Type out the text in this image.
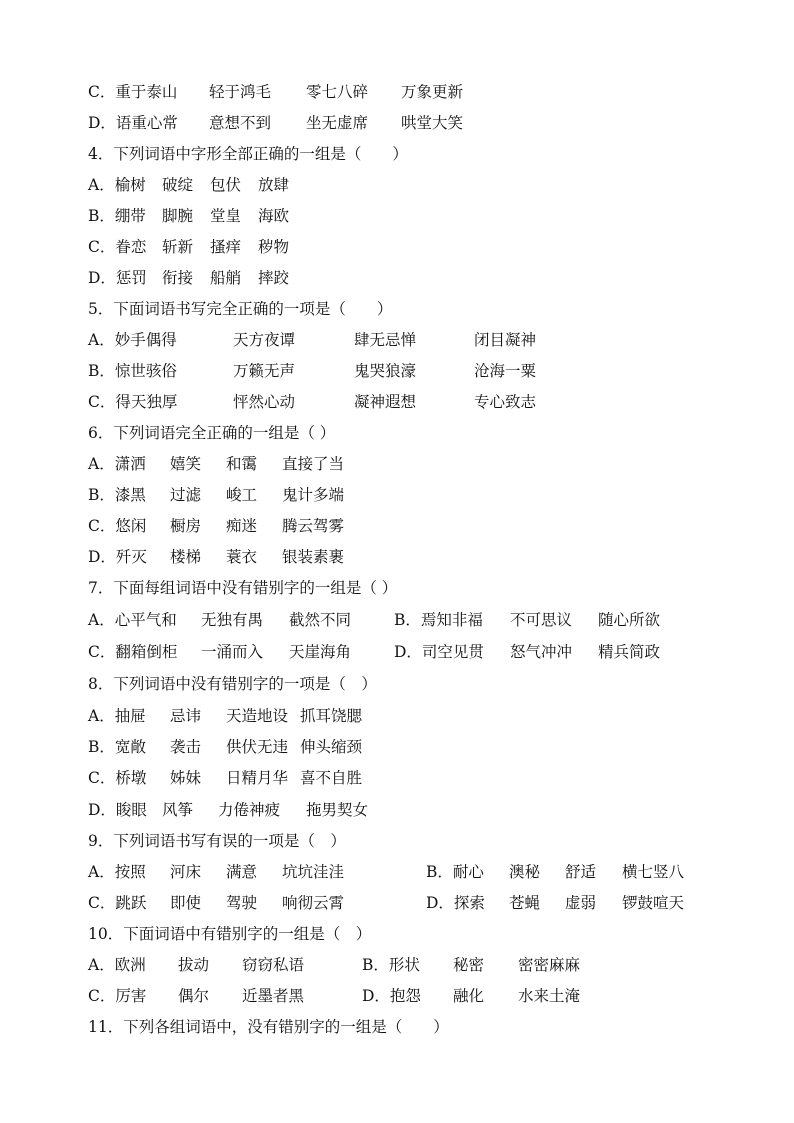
C．重于泰山 轻于鸿毛 零七八碎 万象更新
D．语重心常 意想不到 坐无虚席 哄堂大笑
4．下列词语中字形全部正确的一组是（　　）
A．榆树 破绽 包伏 放肆
B．绷带 脚腕 堂皇 海欧
C．眷恋 斩新 搔痒 秽物
D．惩罚 衔接 船艄 摔跤
5．下面词语书写完全正确的一项是（　　）
A．妙手偶得	天方夜谭	肆无忌惮	闭目凝神
B．惊世骇俗	万籁无声	鬼哭狼濠	沧海一粟
C．得天独厚	怦然心动	凝神遐想	专心致志
6．下列词语完全正确的一组是（ ）
A．潇洒 嬉笑 和霭 直接了当
B．漆黑 过滤 峻工 鬼计多端
C．悠闲 橱房 痴迷 腾云驾雾
D．歼灭 楼梯 蓑衣 银装素裹
7．下面每组词语中没有错别字的一组是（ ）
A．心平气和 无独有禺 截然不同	B．焉知非福 不可思议 随心所欲
C．翻箱倒柜 一涌而入 天崖海角	D．司空见贯 怒气冲冲 精兵简政
8．下列词语中没有错别字的一项是（　）
A．抽屉 忌讳 天造地设 抓耳饶腮
B．宽敞 袭击 供伏无违 伸头缩颈
C．桥墩 姊妹 日精月华 喜不自胜
D．睃眼 风筝 力倦神疲 拖男契女
9．下列词语书写有误的一项是（　）
A．按照 河床 满意 坑坑洼洼	B．耐心 澳秘 舒适 横七竖八
C．跳跃 即使 驾驶 响彻云霄	D．探索 苍蝇 虚弱 锣鼓喧天
10．下面词语中有错别字的一组是（　）
A．欧洲 拔动 窃窃私语	B．形状 秘密 密密麻麻
C．厉害 偶尔 近墨者黑	D．抱怨 融化 水来土淹
11．下列各组词语中，没有错别字的一组是（　　）
